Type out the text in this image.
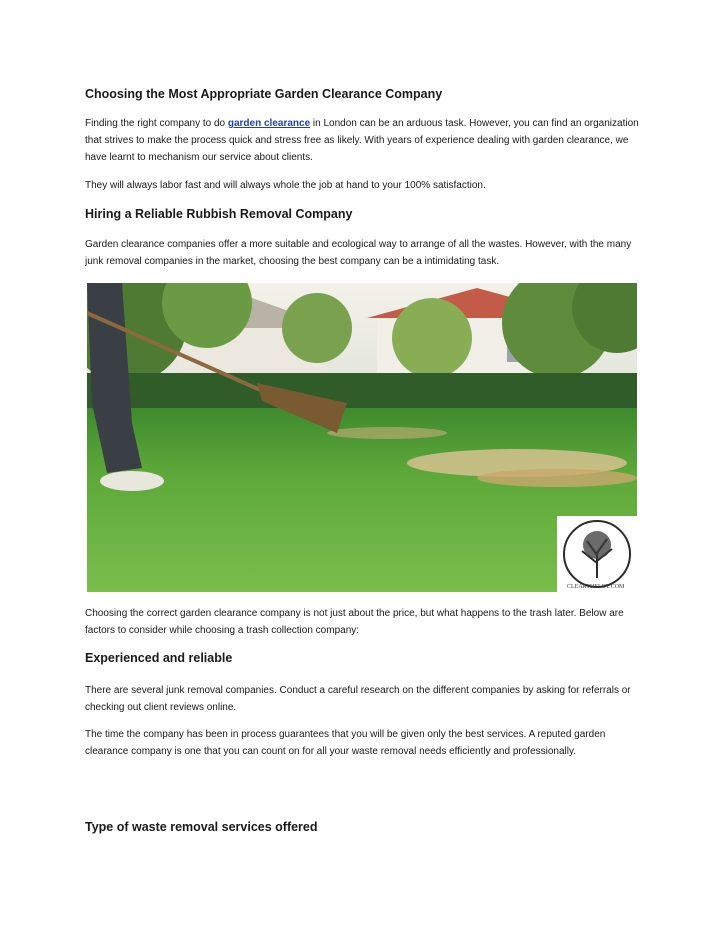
Choosing the Most Appropriate Garden Clearance Company

Finding the right company to do garden clearance in London can be an arduous task. However, you can find an organization that strives to make the process quick and stress free as likely. With years of experience dealing with garden clearance, we have learnt to mechanism our service about clients.

They will always labor fast and will always whole the job at hand to your 100% satisfaction.

Hiring a Reliable Rubbish Removal Company

Garden clearance companies offer a more suitable and ecological way to arrange of all the wastes. However, with the many junk removal companies in the market, choosing the best company can be a intimidating task.

CLEARTHELOT.COM

Choosing the correct garden clearance company is not just about the price, but what happens to the trash later. Below are factors to consider while choosing a trash collection company:

Experienced and reliable

There are several junk removal companies. Conduct a careful research on the different companies by asking for referrals or checking out client reviews online.

The time the company has been in process guarantees that you will be given only the best services. A reputed garden clearance company is one that you can count on for all your waste removal needs efficiently and professionally.

Type of waste removal services offered
